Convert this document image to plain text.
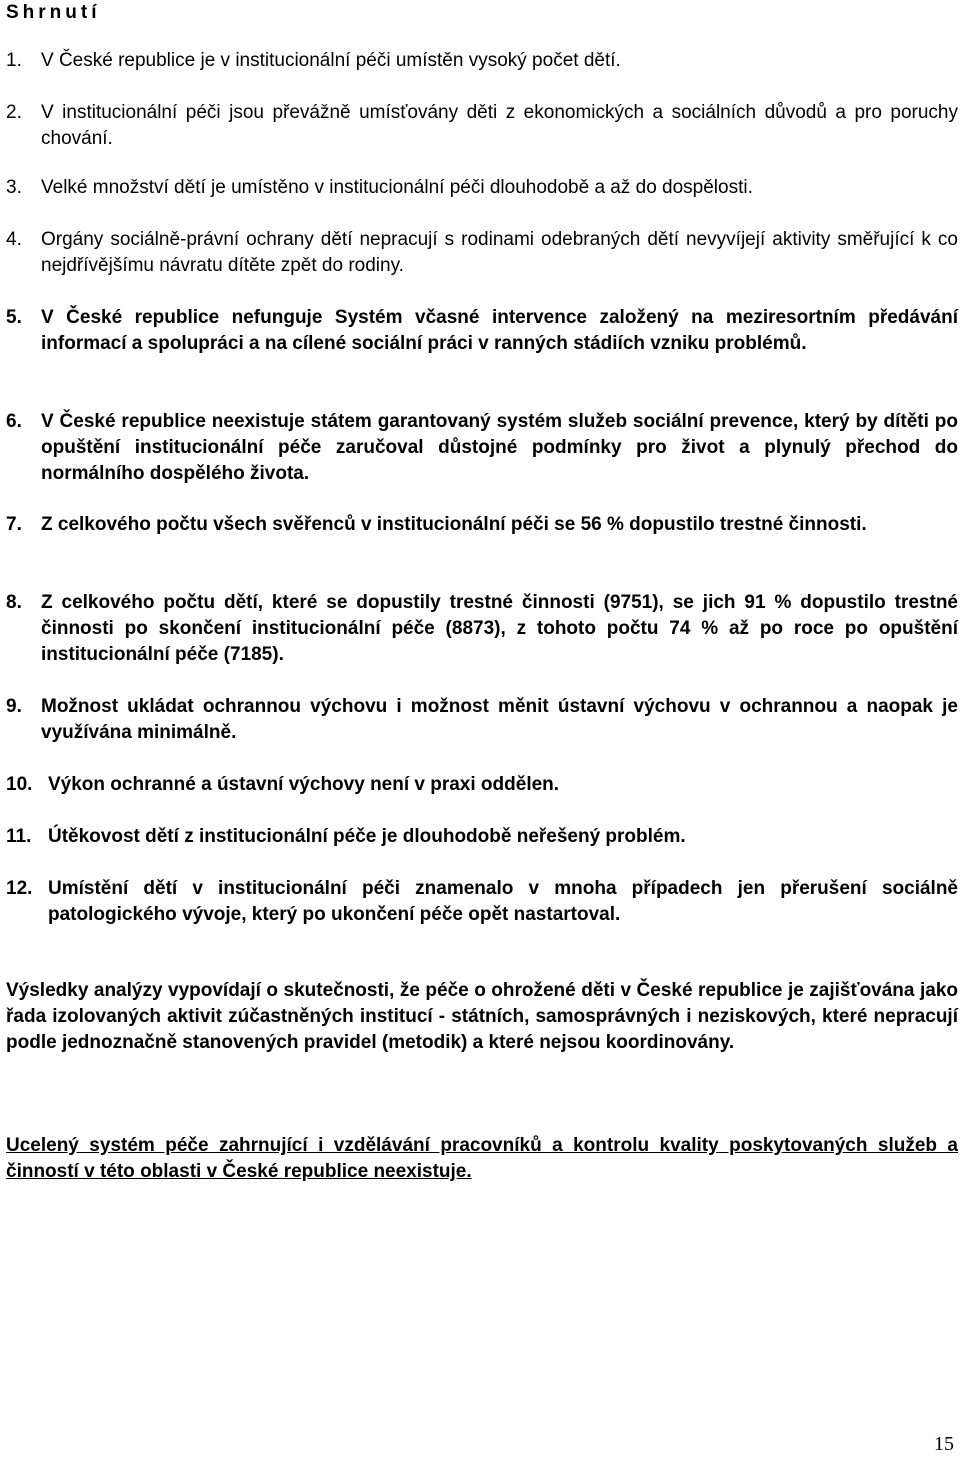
Shrnutí
1. V České republice je v institucionální péči umístěn vysoký počet dětí.
2. V institucionální péči jsou převážně umísťovány děti z ekonomických a sociálních důvodů a pro poruchy chování.
3. Velké množství dětí je umístěno v institucionální péči dlouhodobě a až do dospělosti.
4. Orgány sociálně-právní ochrany dětí nepracují s rodinami odebraných dětí nevyvíjejí aktivity směřující k co nejdřívějšímu návratu dítěte zpět do rodiny.
5. V České republice nefunguje Systém včasné intervence založený na meziresortním předávání informací a spolupráci a na cílené sociální práci v ranných stádiích vzniku problémů.
6. V České republice neexistuje státem garantovaný systém služeb sociální prevence, který by dítěti po opuštění institucionální péče zaručoval důstojné podmínky pro život a plynulý přechod do normálního dospělého života.
7. Z celkového počtu všech svěřenců v institucionální péči se 56 % dopustilo trestné činnosti.
8. Z celkového počtu dětí, které se dopustily trestné činnosti (9751), se jich 91 % dopustilo trestné činnosti po skončení institucionální péče (8873), z tohoto počtu 74 % až po roce po opuštění institucionální péče (7185).
9. Možnost ukládat ochrannou výchovu i možnost měnit ústavní výchovu v ochrannou a naopak je využívána minimálně.
10. Výkon ochranné a ústavní výchovy není v praxi oddělen.
11. Útěkovost dětí z institucionální péče je dlouhodobě neřešený problém.
12. Umístění dětí v institucionální péči znamenalo v mnoha případech jen přerušení sociálně patologického vývoje, který po ukončení péče opět nastartoval.

Výsledky analýzy vypovídají o skutečnosti, že péče o ohrožené děti v České republice je zajišťována jako řada izolovaných aktivit zúčastněných institucí - státních, samosprávných i neziskových, které nepracují podle jednoznačně stanovených pravidel (metodik) a které nejsou koordinovány.

Ucelený systém péče zahrnující i vzdělávání pracovníků a kontrolu kvality poskytovaných služeb a činností v této oblasti v České republice neexistuje.

15
